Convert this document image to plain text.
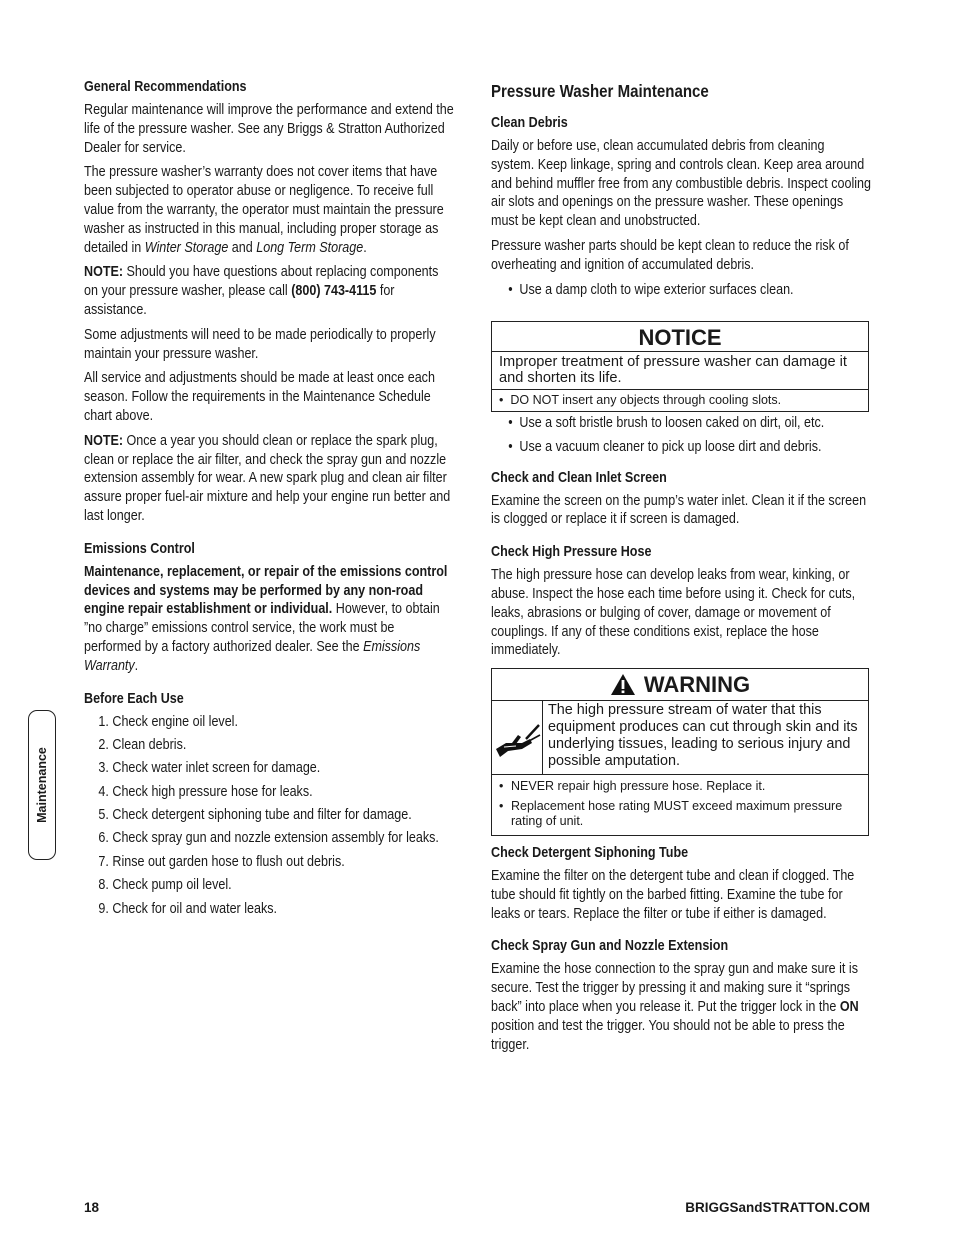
General Recommendations

Regular maintenance will improve the performance and extend the life of the pressure washer. See any Briggs & Stratton Authorized Dealer for service.

The pressure washer’s warranty does not cover items that have been subjected to operator abuse or negligence. To receive full value from the warranty, the operator must maintain the pressure washer as instructed in this manual, including proper storage as detailed in Winter Storage and Long Term Storage.

NOTE: Should you have questions about replacing components on your pressure washer, please call (800) 743-4115 for assistance.

Some adjustments will need to be made periodically to properly maintain your pressure washer.

All service and adjustments should be made at least once each season. Follow the requirements in the Maintenance Schedule chart above.

NOTE: Once a year you should clean or replace the spark plug, clean or replace the air filter, and check the spray gun and nozzle extension assembly for wear. A new spark plug and clean air filter assure proper fuel-air mixture and help your engine run better and last longer.

Emissions Control

Maintenance, replacement, or repair of the emissions control devices and systems may be performed by any non-road engine repair establishment or individual. However, to obtain ”no charge” emissions control service, the work must be performed by a factory authorized dealer. See the Emissions Warranty.

Before Each Use
1. Check engine oil level.
2. Clean debris.
3. Check water inlet screen for damage.
4. Check high pressure hose for leaks.
5. Check detergent siphoning tube and filter for damage.
6. Check spray gun and nozzle extension assembly for leaks.
7. Rinse out garden hose to flush out debris.
8. Check pump oil level.
9. Check for oil and water leaks.
Pressure Washer Maintenance
Clean Debris

Daily or before use, clean accumulated debris from cleaning system. Keep linkage, spring and controls clean. Keep area around and behind muffler free from any combustible debris. Inspect cooling air slots and openings on the pressure washer. These openings must be kept clean and unobstructed.

Pressure washer parts should be kept clean to reduce the risk of overheating and ignition of accumulated debris.

• Use a damp cloth to wipe exterior surfaces clean.
NOTICE
Improper treatment of pressure washer can damage it and shorten its life.
• DO NOT insert any objects through cooling slots.
• Use a soft bristle brush to loosen caked on dirt, oil, etc.
• Use a vacuum cleaner to pick up loose dirt and debris.
Check and Clean Inlet Screen

Examine the screen on the pump’s water inlet. Clean it if the screen is clogged or replace it if screen is damaged.

Check High Pressure Hose

The high pressure hose can develop leaks from wear, kinking, or abuse. Inspect the hose each time before using it. Check for cuts, leaks, abrasions or bulging of cover, damage or movement of couplings. If any of these conditions exist, replace the hose immediately.

WARNING
The high pressure stream of water that this equipment produces can cut through skin and its underlying tissues, leading to serious injury and possible amputation.
• NEVER repair high pressure hose. Replace it.
• Replacement hose rating MUST exceed maximum pressure rating of unit.
Check Detergent Siphoning Tube

Examine the filter on the detergent tube and clean if clogged. The tube should fit tightly on the barbed fitting. Examine the tube for leaks or tears. Replace the filter or tube if either is damaged.

Check Spray Gun and Nozzle Extension

Examine the hose connection to the spray gun and make sure it is secure. Test the trigger by pressing it and making sure it “springs back” into place when you release it. Put the trigger lock in the ON position and test the trigger. You should not be able to press the trigger.

Maintenance
18	BRIGGSandSTRATTON.COM
